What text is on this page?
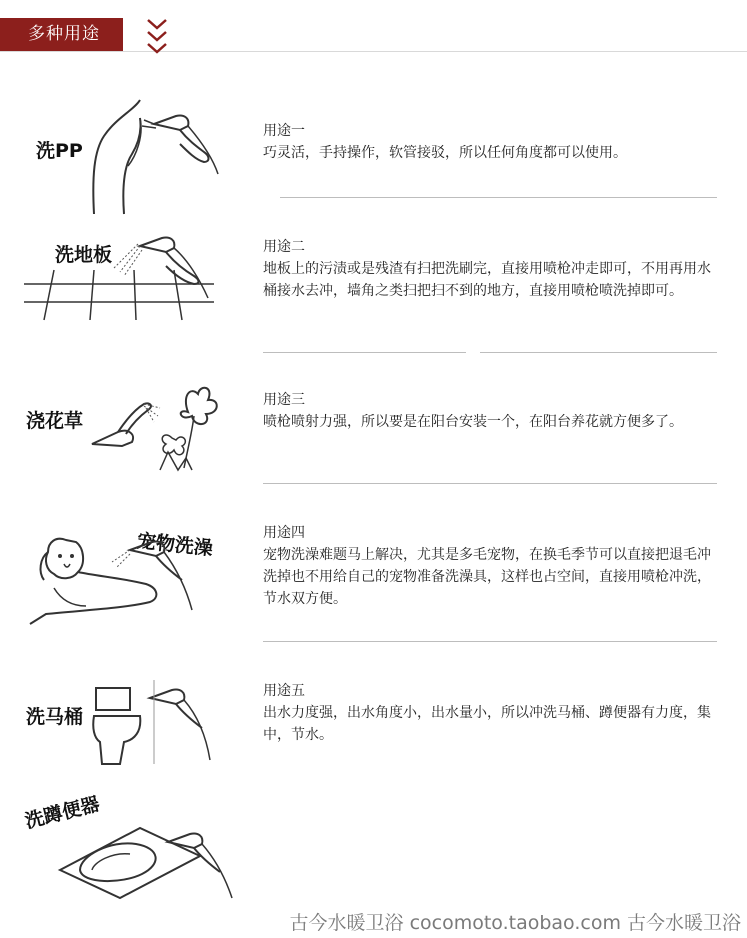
多种用途
用途一
巧灵活，手持操作，软管接驳，所以任何角度都可以使用。
洗PP
用途二
地板上的污渍或是残渣有扫把洗刷完，直接用喷枪冲走即可，不用再用水桶接水去冲，墙角之类扫把扫不到的地方，直接用喷枪喷洗掉即可。
洗地板
用途三
喷枪喷射力强，所以要是在阳台安装一个，在阳台养花就方便多了。
浇花草
用途四
宠物洗澡难题马上解决，尤其是多毛宠物，在换毛季节可以直接把退毛冲洗掉也不用给自己的宠物准备洗澡具，这样也占空间，直接用喷枪冲洗，节水双方便。
宠物洗澡
用途五
出水力度强，出水角度小，出水量小，所以冲洗马桶、蹲便器有力度，集中，节水。
洗马桶
洗蹲便器
古今水暖卫浴 cocomoto.taobao.com 古今水暖卫浴
